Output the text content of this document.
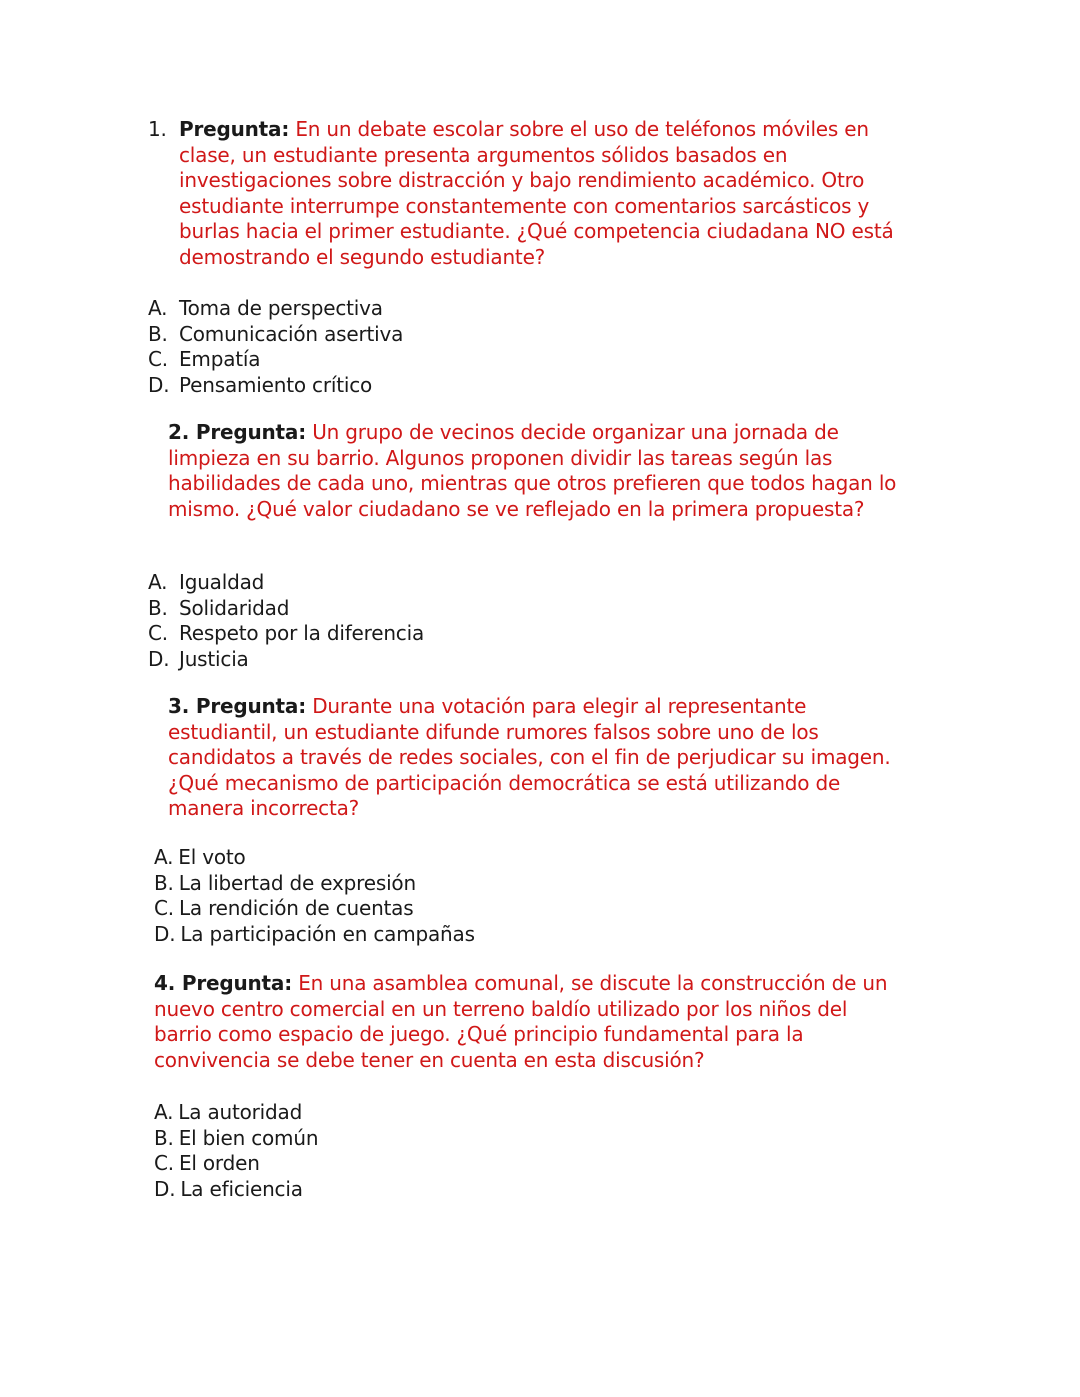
1. Pregunta: En un debate escolar sobre el uso de teléfonos móviles en clase, un estudiante presenta argumentos sólidos basados en investigaciones sobre distracción y bajo rendimiento académico. Otro estudiante interrumpe constantemente con comentarios sarcásticos y burlas hacia el primer estudiante. ¿Qué competencia ciudadana NO está demostrando el segundo estudiante?
A. Toma de perspectiva
B. Comunicación asertiva
C. Empatía
D. Pensamiento crítico
2. Pregunta: Un grupo de vecinos decide organizar una jornada de limpieza en su barrio. Algunos proponen dividir las tareas según las habilidades de cada uno, mientras que otros prefieren que todos hagan lo mismo. ¿Qué valor ciudadano se ve reflejado en la primera propuesta?
A. Igualdad
B. Solidaridad
C. Respeto por la diferencia
D. Justicia
3. Pregunta: Durante una votación para elegir al representante estudiantil, un estudiante difunde rumores falsos sobre uno de los candidatos a través de redes sociales, con el fin de perjudicar su imagen. ¿Qué mecanismo de participación democrática se está utilizando de manera incorrecta?
A. El voto
B. La libertad de expresión
C. La rendición de cuentas
D. La participación en campañas
4. Pregunta: En una asamblea comunal, se discute la construcción de un nuevo centro comercial en un terreno baldío utilizado por los niños del barrio como espacio de juego. ¿Qué principio fundamental para la convivencia se debe tener en cuenta en esta discusión?
A. La autoridad
B. El bien común
C. El orden
D. La eficiencia
